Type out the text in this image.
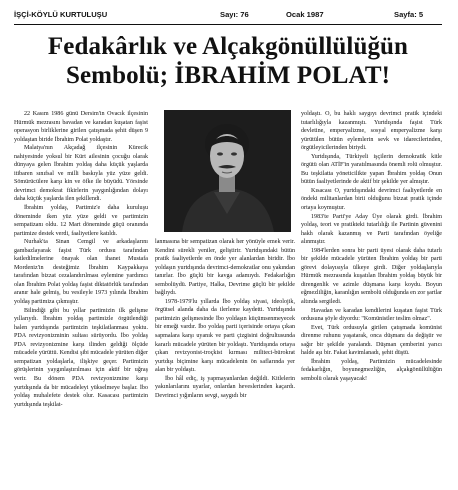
İŞÇİ-KÖYLÜ KURTULUŞU	Sayı: 76	Ocak 1987	Sayfa: 5
Fedakârlık ve Alçakgönüllülüğün
Sembolü; İBRAHİM POLAT!

22 Kasım 1986 günü Dersim'in Ovacık ilçesinin Hürmük mezrasını bavadan ve karadan kuşatan faşist operasyon birliklerine girilen çatışmada şehit düşen 9 yoldaştan biride İbrahim Polat yoldaştır.

Malatya'nın Akçadağ ilçesinin Kürecik nahiyesinde yoksul bir Kürt ailesinin çocuğu olarak dünyaya gelen İbrahim yoldaş daha küçük yaşlarda itibaren sınıfsal ve milli baskıyla yüz yüze geldi. Sömürücülere karşı kin ve öfke ile büyüdü. Yörsinde devrimci demokrat fikirlerin yaygınlığından dolayı daha küçük yaşlarda ilen şekillendi.

İbrahim yoldaş, Partimiz'e daha kuruluşu döneminde iken yüz yüze geldi ve partimizin sempatizanı oldu. 12 Mart döneminde güçü oranında partimize destek verdi, faaliyetlere katıldı.

Nurhak'ta Sinan Cemgil ve arkadaşlarını gambazlayarak faşist Türk ordusu tarafından katledilmelerine önayak olan ihanet Mustafa Mordeniz'in desteğimiz İbrahim Kaypakkaya tarafından bizzat cezalandırılması eylemine yardımcı olan İbrahim Polat yoldaş faşist diktatörlük tarafından aranır hale gelmiş, bu vesileyle 1973 yılında İbrahim yoldaş partimiza çıkmıştır.

Bilindiği gibi bu yıllar partimizin ilk gelişme yıllarıydı. İbrahim yoldaş partimizle örgütlendiği halen yurtdışında partimizin teşkilatlanması yoktu. PDA revizyonizminin sultası sürüyordu. İbo yoldaş PDA revizyonizmine karşı ilinden geldiği ölçüde mücadele yürüttü. Kendisi şibi mücadele yürüten diğer sempatizan yoldaşlarla, ilişkiye geçer. Partimizin görüşlerinin yaygınlaştırılması için aktif bir uğraş verir. Bu dönem PDA revizyonizmine karşı yurtdışında da bir mücadeleyi yükselmeye başlar. İbo yoldaş muhalefete destek olur. Kasacası partimizin yurtdışında teşkilat-

lanmasına bir sempatizan olarak her yönüyle emek verir. Kendini sürekli yeniler, geliştirir. Yurtdışındaki bütün pratik faaliyetlerde en önde yer alanlardan biridir. İbo yoldaşın yurtdışında devrimci-demokratlar onu yakından tanırlar. İbo güçlü bir kavga adamıydı. Fedakarlığın sembolüydü. Partiye, Halka, Devrime güçlü bir şekilde bağlıydı.

1978-1979'lu yıllarda İbo yoldaş siyasi, ideolojik, örgütsel alanda daha da ilerleme kaydetti. Yurtdışında partimizin gelişmesinde İbo yoldaşın küçümsenmeyecek bir emeği vardır. İbo yoldaş parti içerisinde ortaya çıkan sapmalara karşı uyanık ve parti çizgisini doğrultusunda kararlı mücadele yürüten bir yoldaştı. Yurtdışında ortaya çıkan revizyonist-troçkist kırması militeci-bürokrat yurtdışı biçimine karşı mücadelenin ön saflarında yer alan bir yoldaştı.

İbo hâl ediç, iş yapmayanlardan değildi. Kitlelerin yakınlarılarını uyarlar, onlardan heveslerinden kaçardı. Devrimci yığınların sevgi, saygıdı bir

yoldaştı. O, bu haklı saygıyı devrimci pratik içindeki tutarlılığıyla kazanmıştı. Yurtdışında faşist Türk devletine, emperyalizme, sosyal emperyalizme karşı yürütülen bütün eylemlerin sevk ve idarecilerinden, örgütleyicilerinden biriydi.

Yurtdışında, Türkiyeli işçilerin demokratik kitle örgütü olan ATİF'in yaratılmasında önemli rolü olmuştur. Bu teşkilatta yöneticilikte yapan İbrahim yoldaş Onun bütün faaliyetlerinde de aktif bir şekilde yer almıştır.

Kısacası O, yurtdışındaki devrimci faaliyetlerde en öndeki militanlardan birii olduğunu bizzat pratik içinde ortaya koymuştur.

1983'te Parti'ye Aday Üye olarak girdi. İbrahim yoldaş, teori ve pratikteki tutarlılığı ile Partinin güvenini hakh olarak kazanmış ve Parti tarafından öyeliğe alınmıştır.

1984'lerden sonra bir parti üyesi olarak daha tutarlı bir şekilde mücadele yürüten İbrahim yoldaş bir parti görevi dolayısıyla ülkeye girdi. Diğer yoldaşlarıyla Hürmük mezrasında kuşatılan İbrahim yoldaş büyük bir direngenlik ve azimle düşmana karşı koydu. Boyun eğmezliliğin, karanlığın sembolü olduğunda en zor şartlar altında sergiledi.

Havadan ve karadan kendilerini kuşatan faşist Türk ordusuna şöyle diyordu: "Komünistler teslim olmaz".

Evet, Türk ordusuyla girilen çatışmada komünist direnme ruhunu yaşatarak, onca düşmanı da değiştir ve sağır bir şekilde yaralandı. Düşman çemberini yarıcı halde aşı bir. Fakat kavimlanadı, şehit düştü.

İbrahim yoldaş, Partimizin mücadelesinde fedakarlığın, boyunegmezliğin, alçakgönüllülüğün sembolü olarak yaşayacak!
